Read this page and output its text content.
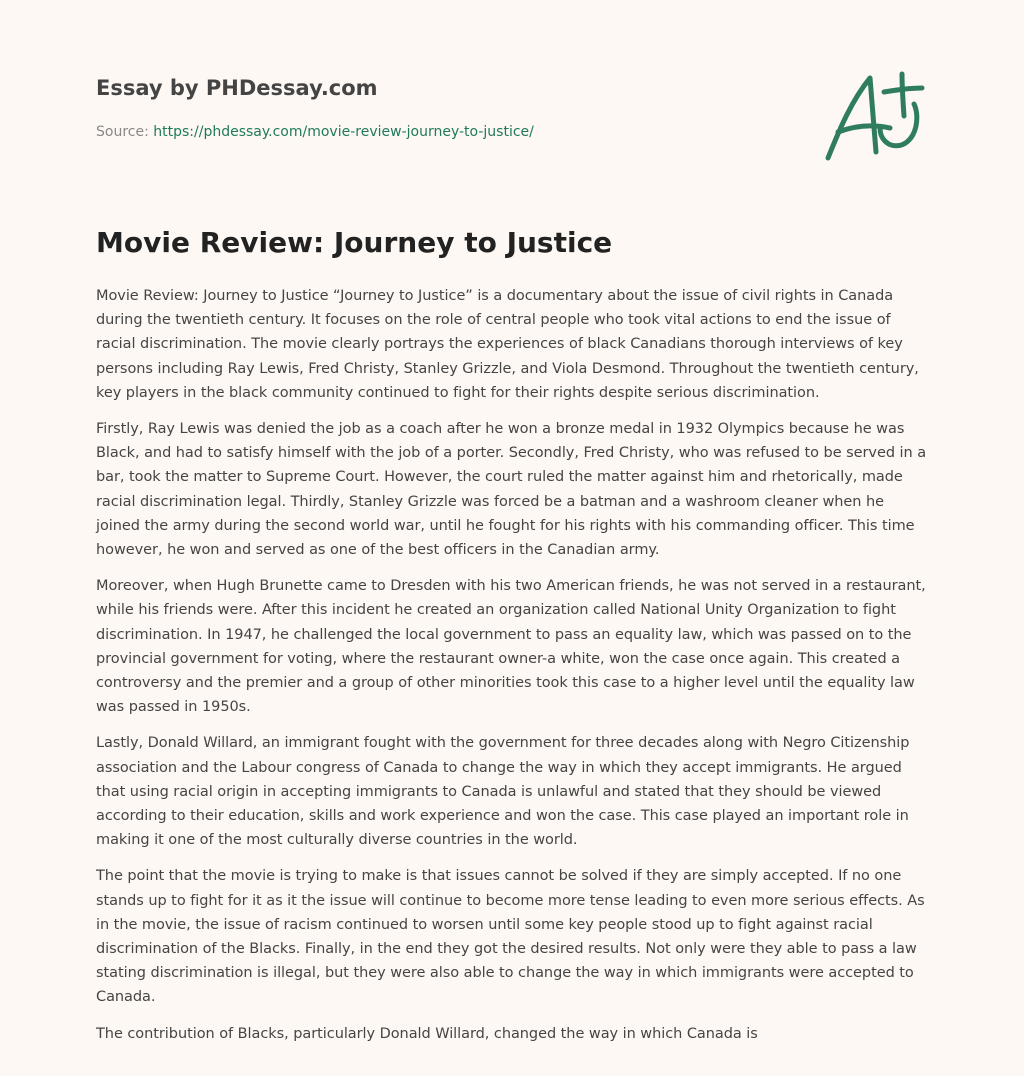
Essay by PHDessay.com
Source: https://phdessay.com/movie-review-journey-to-justice/
Movie Review: Journey to Justice

Movie Review: Journey to Justice “Journey to Justice” is a documentary about the issue of civil rights in Canada during the twentieth century. It focuses on the role of central people who took vital actions to end the issue of racial discrimination. The movie clearly portrays the experiences of black Canadians thorough interviews of key persons including Ray Lewis, Fred Christy, Stanley Grizzle, and Viola Desmond. Throughout the twentieth century, key players in the black community continued to fight for their rights despite serious discrimination.

Firstly, Ray Lewis was denied the job as a coach after he won a bronze medal in 1932 Olympics because he was Black, and had to satisfy himself with the job of a porter. Secondly, Fred Christy, who was refused to be served in a bar, took the matter to Supreme Court. However, the court ruled the matter against him and rhetorically, made racial discrimination legal. Thirdly, Stanley Grizzle was forced be a batman and a washroom cleaner when he joined the army during the second world war, until he fought for his rights with his commanding officer. This time however, he won and served as one of the best officers in the Canadian army.

Moreover, when Hugh Brunette came to Dresden with his two American friends, he was not served in a restaurant, while his friends were. After this incident he created an organization called National Unity Organization to fight discrimination. In 1947, he challenged the local government to pass an equality law, which was passed on to the provincial government for voting, where the restaurant owner-a white, won the case once again. This created a controversy and the premier and a group of other minorities took this case to a higher level until the equality law was passed in 1950s.

Lastly, Donald Willard, an immigrant fought with the government for three decades along with Negro Citizenship association and the Labour congress of Canada to change the way in which they accept immigrants. He argued that using racial origin in accepting immigrants to Canada is unlawful and stated that they should be viewed according to their education, skills and work experience and won the case. This case played an important role in making it one of the most culturally diverse countries in the world.

The point that the movie is trying to make is that issues cannot be solved if they are simply accepted. If no one stands up to fight for it as it the issue will continue to become more tense leading to even more serious effects. As in the movie, the issue of racism continued to worsen until some key people stood up to fight against racial discrimination of the Blacks. Finally, in the end they got the desired results. Not only were they able to pass a law stating discrimination is illegal, but they were also able to change the way in which immigrants were accepted to Canada.

The contribution of Blacks, particularly Donald Willard, changed the way in which Canada is
